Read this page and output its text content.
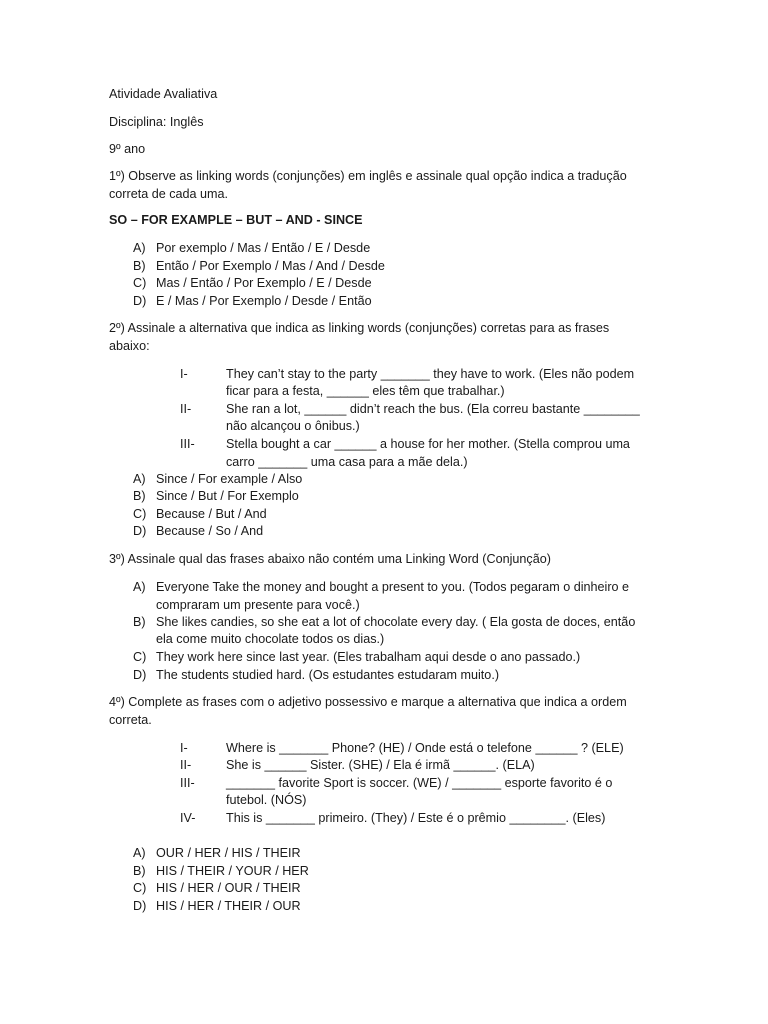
Atividade Avaliativa
Disciplina: Inglês
9º ano
1º) Observe as linking words (conjunções) em inglês e assinale qual opção indica a tradução
correta de cada uma.
SO – FOR EXAMPLE – BUT – AND - SINCE
A) Por exemplo / Mas / Então / E / Desde
B) Então / Por Exemplo / Mas / And / Desde
C) Mas / Então / Por Exemplo / E / Desde
D) E / Mas / Por Exemplo / Desde / Então
2º) Assinale a alternativa que indica as linking words (conjunções) corretas para as frases
abaixo:
I-	They can’t stay to the party _______ they have to work. (Eles não podem
ficar para a festa, ______ eles têm que trabalhar.)
II-	She ran a lot, ______ didn’t reach the bus. (Ela correu bastante ________
não alcançou o ônibus.)
III- Stella bought a car ______ a house for her mother. (Stella comprou uma
carro _______ uma casa para a mãe dela.)
A) Since / For example / Also
B) Since / But / For Exemplo
C) Because / But / And
D) Because / So / And
3º) Assinale qual das frases abaixo não contém uma Linking Word (Conjunção)
A) Everyone Take the money and bought a present to you. (Todos pegaram o dinheiro e
compraram um presente para você.)
B) She likes candies, so she eat a lot of chocolate every day. ( Ela gosta de doces, então
ela come muito chocolate todos os dias.)
C) They work here since last year. (Eles trabalham aqui desde o ano passado.)
D) The students studied hard. (Os estudantes estudaram muito.)
4º) Complete as frases com o adjetivo possessivo e marque a alternativa que indica a ordem
correta.
I-	Where is _______ Phone? (HE) / Onde está o telefone ______ ? (ELE)
II-	She is ______ Sister. (SHE) / Ela é irmã ______. (ELA)
III- _______ favorite Sport is soccer. (WE) / _______ esporte favorito é o
futebol. (NÓS)
IV- This is _______ primeiro. (They) / Este é o prêmio ________. (Eles)
A) OUR / HER / HIS / THEIR
B) HIS / THEIR / YOUR / HER
C) HIS / HER / OUR / THEIR
D) HIS / HER / THEIR / OUR
